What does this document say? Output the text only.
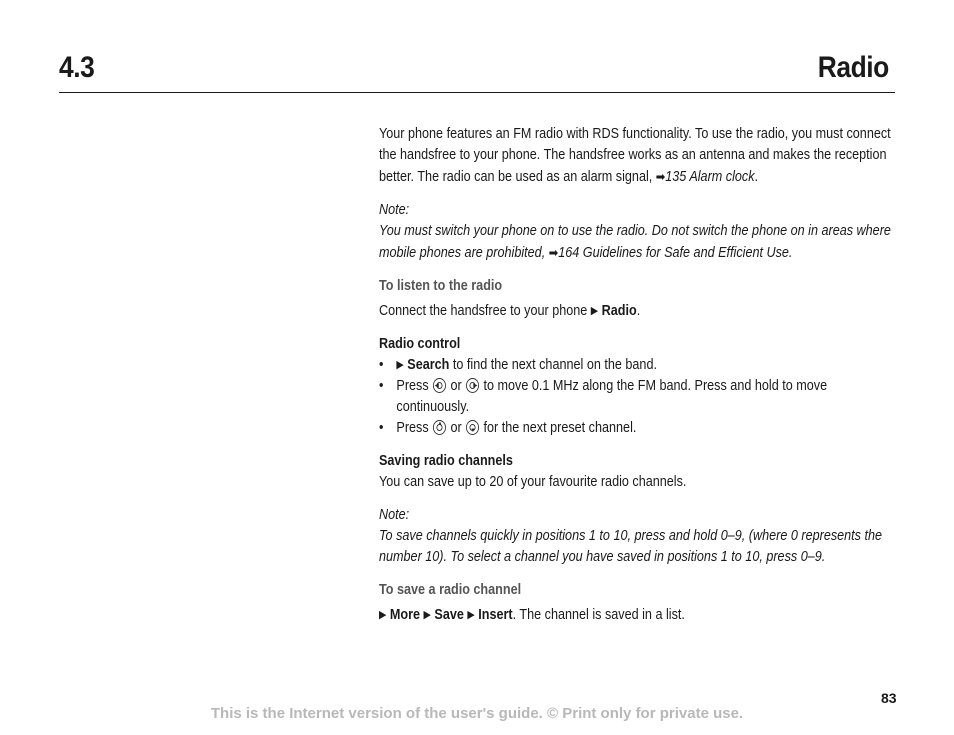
4.3	Radio
Your phone features an FM radio with RDS functionality. To use the radio, you must connect the handsfree to your phone. The handsfree works as an antenna and makes the reception better. The radio can be used as an alarm signal, ➡135 Alarm clock.
Note:
You must switch your phone on to use the radio. Do not switch the phone on in areas where mobile phones are prohibited, ➡164 Guidelines for Safe and Efficient Use.
To listen to the radio
Connect the handsfree to your phone ▶ Radio.
Radio control
• ▶ Search to find the next channel on the band.
• Press ◀ or ▶ to move 0.1 MHz along the FM band. Press and hold to move continuously.
• Press ▲ or ▼ for the next preset channel.
Saving radio channels
You can save up to 20 of your favourite radio channels.
Note:
To save channels quickly in positions 1 to 10, press and hold 0–9, (where 0 represents the number 10). To select a channel you have saved in positions 1 to 10, press 0–9.
To save a radio channel
▶ More ▶ Save ▶ Insert. The channel is saved in a list.
83
This is the Internet version of the user's guide. © Print only for private use.
